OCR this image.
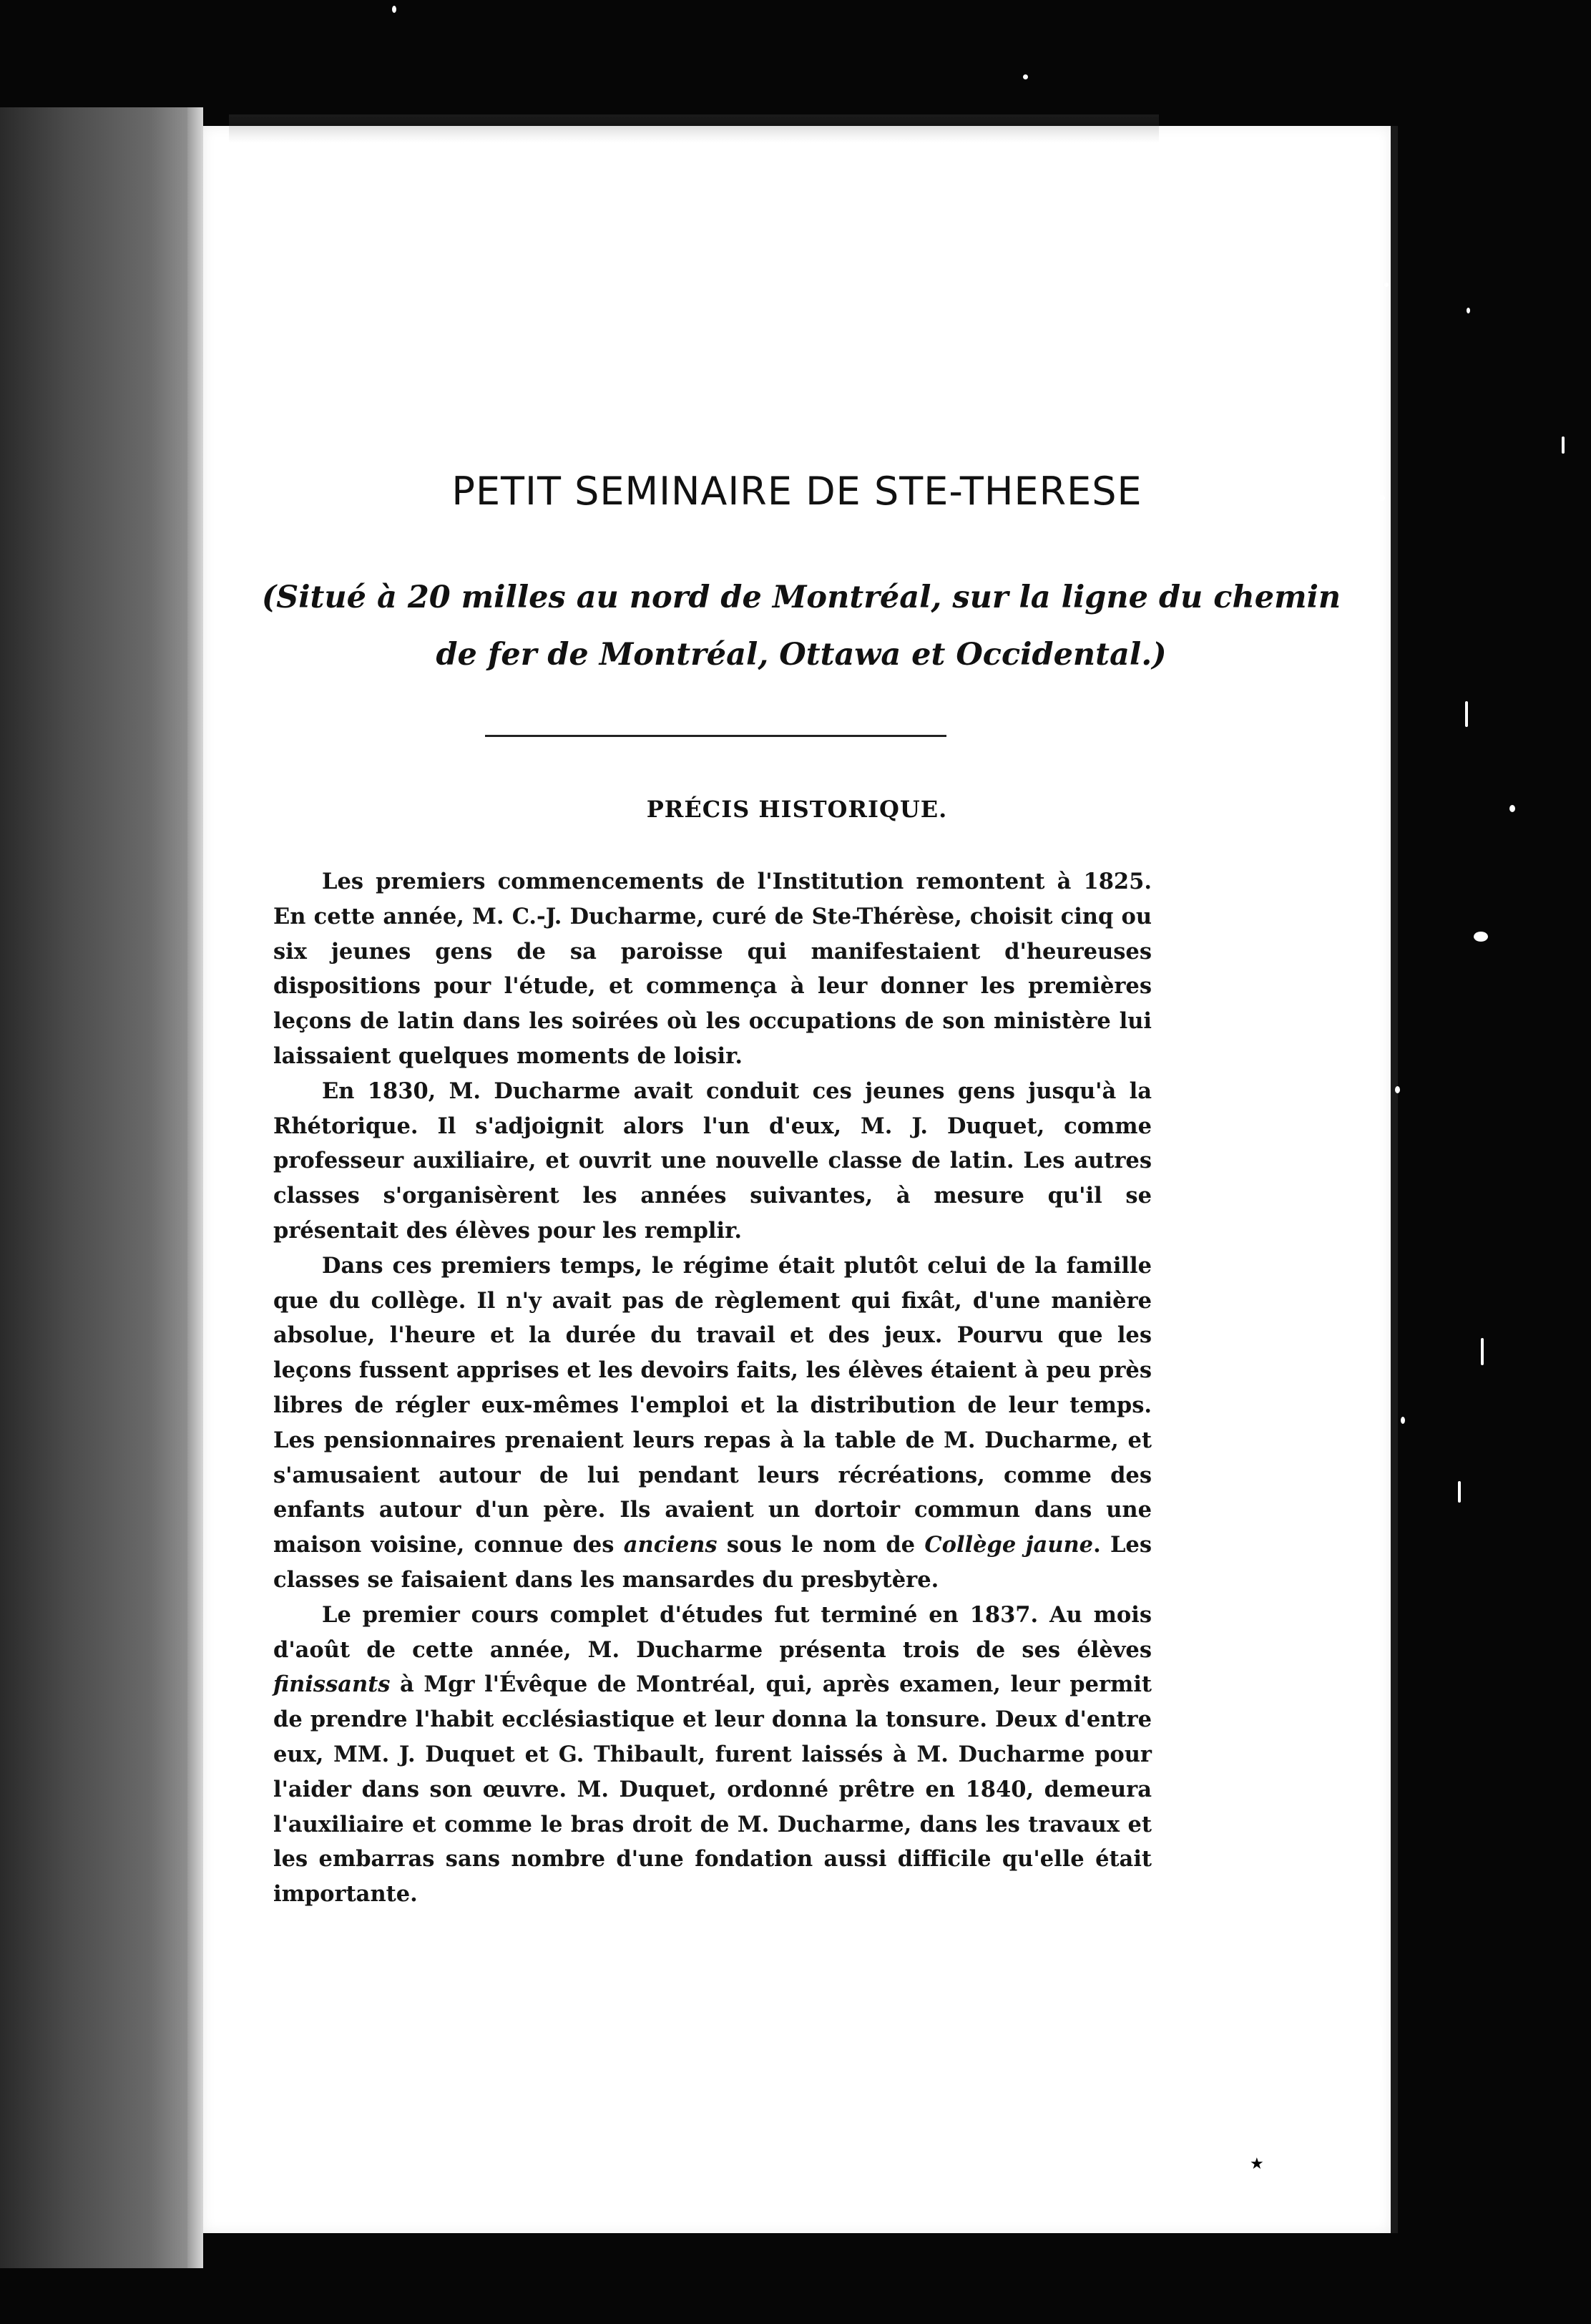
PETIT SEMINAIRE DE STE-THERESE
(Situé à 20 milles au nord de Montréal, sur la ligne du chemin
de fer de Montréal, Ottawa et Occidental.)
PRÉCIS HISTORIQUE.

Les premiers commencements de l'Institution remontent à 1825. En cette année, M. C.-J. Ducharme, curé de Ste-Thérèse, choisit cinq ou six jeunes gens de sa paroisse qui manifestaient d'heureuses dispositions pour l'étude, et commença à leur donner les premières leçons de latin dans les soirées où les occupations de son ministère lui laissaient quelques moments de loisir.

En 1830, M. Ducharme avait conduit ces jeunes gens jusqu'à la Rhétorique. Il s'adjoignit alors l'un d'eux, M. J. Duquet, comme professeur auxiliaire, et ouvrit une nouvelle classe de latin. Les autres classes s'organisèrent les années suivantes, à mesure qu'il se présentait des élèves pour les remplir.

Dans ces premiers temps, le régime était plutôt celui de la famille que du collège. Il n'y avait pas de règlement qui fixât, d'une manière absolue, l'heure et la durée du travail et des jeux. Pourvu que les leçons fussent apprises et les devoirs faits, les élèves étaient à peu près libres de régler eux-mêmes l'emploi et la distribution de leur temps. Les pensionnaires prenaient leurs repas à la table de M. Ducharme, et s'amusaient autour de lui pendant leurs récréations, comme des enfants autour d'un père. Ils avaient un dortoir commun dans une maison voisine, connue des anciens sous le nom de Collège jaune. Les classes se faisaient dans les mansardes du presbytère.

Le premier cours complet d'études fut terminé en 1837. Au mois d'août de cette année, M. Ducharme présenta trois de ses élèves finissants à Mgr l'Évêque de Montréal, qui, après examen, leur permit de prendre l'habit ecclésiastique et leur donna la tonsure. Deux d'entre eux, MM. J. Duquet et G. Thibault, furent laissés à M. Ducharme pour l'aider dans son œuvre. M. Duquet, ordonné prêtre en 1840, demeura l'auxiliaire et comme le bras droit de M. Ducharme, dans les travaux et les embarras sans nombre d'une fondation aussi difficile qu'elle était importante.

★
